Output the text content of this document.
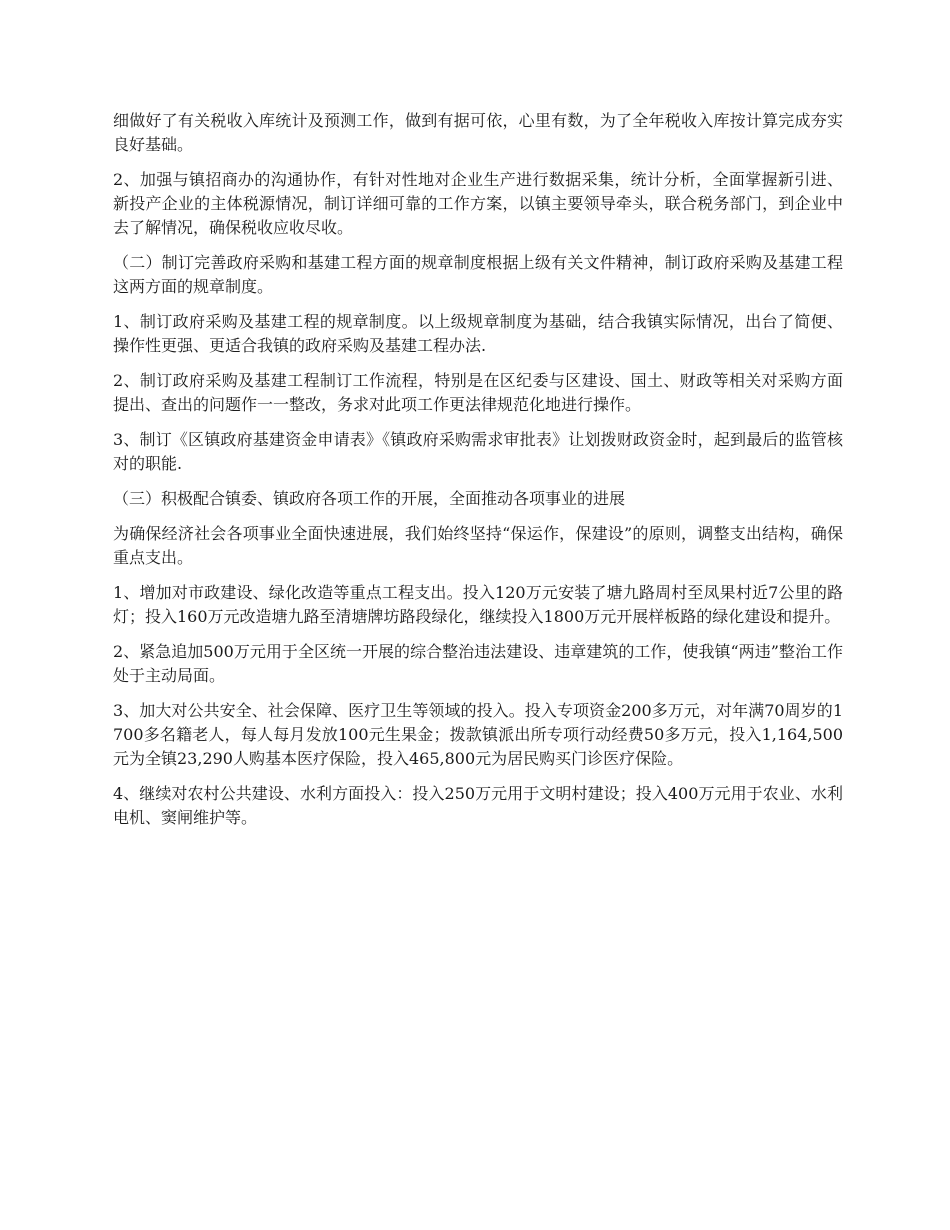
细做好了有关税收入库统计及预测工作，做到有据可依，心里有数，为了全年税收入库按计算完成夯实良好基础。

2、加强与镇招商办的沟通协作，有针对性地对企业生产进行数据采集，统计分析，全面掌握新引进、新投产企业的主体税源情况，制订详细可靠的工作方案，以镇主要领导牵头，联合税务部门，到企业中去了解情况，确保税收应收尽收。

（二）制订完善政府采购和基建工程方面的规章制度根据上级有关文件精神，制订政府采购及基建工程这两方面的规章制度。

1、制订政府采购及基建工程的规章制度。以上级规章制度为基础，结合我镇实际情况，出台了简便、操作性更强、更适合我镇的政府采购及基建工程办法.

2、制订政府采购及基建工程制订工作流程，特别是在区纪委与区建设、国土、财政等相关对采购方面提出、查出的问题作一一整改，务求对此项工作更法律规范化地进行操作。

3、制订《区镇政府基建资金申请表》《镇政府采购需求审批表》让划拨财政资金时，起到最后的监管核对的职能.

（三）积极配合镇委、镇政府各项工作的开展，全面推动各项事业的进展

为确保经济社会各项事业全面快速进展，我们始终坚持“保运作，保建设”的原则，调整支出结构，确保重点支出。

1、增加对市政建设、绿化改造等重点工程支出。投入120万元安装了塘九路周村至凤果村近7公里的路灯；投入160万元改造塘九路至清塘牌坊路段绿化，继续投入1800万元开展样板路的绿化建设和提升。

2、紧急追加500万元用于全区统一开展的综合整治违法建设、违章建筑的工作，使我镇“两违”整治工作处于主动局面。

3、加大对公共安全、社会保障、医疗卫生等领域的投入。投入专项资金200多万元，对年满70周岁的1700多名籍老人，每人每月发放100元生果金；拨款镇派出所专项行动经费50多万元，投入1,164,500元为全镇23,290人购基本医疗保险，投入465,800元为居民购买门诊医疗保险。

4、继续对农村公共建设、水利方面投入：投入250万元用于文明村建设；投入400万元用于农业、水利电机、窦闸维护等。
